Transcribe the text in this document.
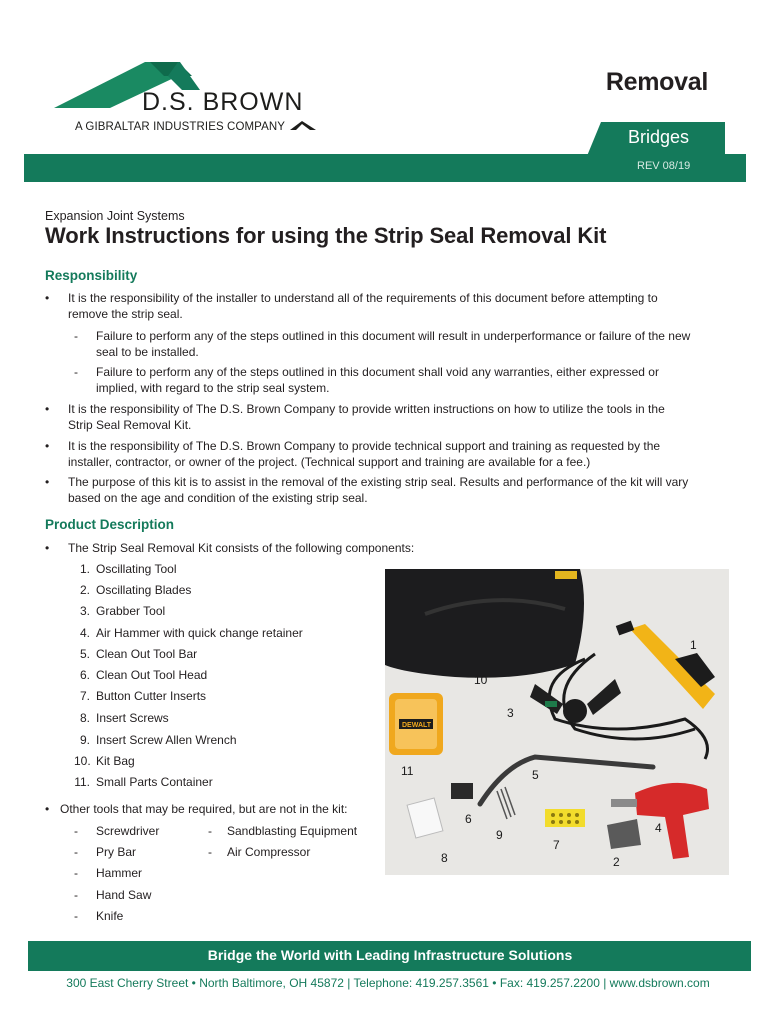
D.S. BROWN
A GIBRALTAR INDUSTRIES COMPANY
Removal
Bridges
REV 08/19
Expansion Joint Systems
Work Instructions for using the Strip Seal Removal Kit
Responsibility
• It is the responsibility of the installer to understand all of the requirements of this document before attempting to
remove the strip seal.
- Failure to perform any of the steps outlined in this document will result in underperformance or failure of the new
seal to be installed.
- Failure to perform any of the steps outlined in this document shall void any warranties, either expressed or
implied, with regard to the strip seal system.
• It is the responsibility of The D.S. Brown Company to provide written instructions on how to utilize the tools in the
Strip Seal Removal Kit.
• It is the responsibility of The D.S. Brown Company to provide technical support and training as requested by the
installer, contractor, or owner of the project. (Technical support and training are available for a fee.)
• The purpose of this kit is to assist in the removal of the existing strip seal. Results and performance of the kit will vary
based on the age and condition of the existing strip seal.
Product Description
• The Strip Seal Removal Kit consists of the following components:
1. Oscillating Tool
2. Oscillating Blades
3. Grabber Tool
4. Air Hammer with quick change retainer
5. Clean Out Tool Bar
6. Clean Out Tool Head
7. Button Cutter Inserts
8. Insert Screws
9. Insert Screw Allen Wrench
10. Kit Bag
11. Small Parts Container
• Other tools that may be required, but are not in the kit:
- Screwdriver
- Pry Bar
- Hammer
- Hand Saw
- Knife
- Sandblasting Equipment
- Air Compressor
DEWALT
1
2
3
4
5
6
7
8
9
10
11
Bridge the World with Leading Infrastructure Solutions
300 East Cherry Street • North Baltimore, OH 45872 | Telephone: 419.257.3561 • Fax: 419.257.2200 | www.dsbrown.com
